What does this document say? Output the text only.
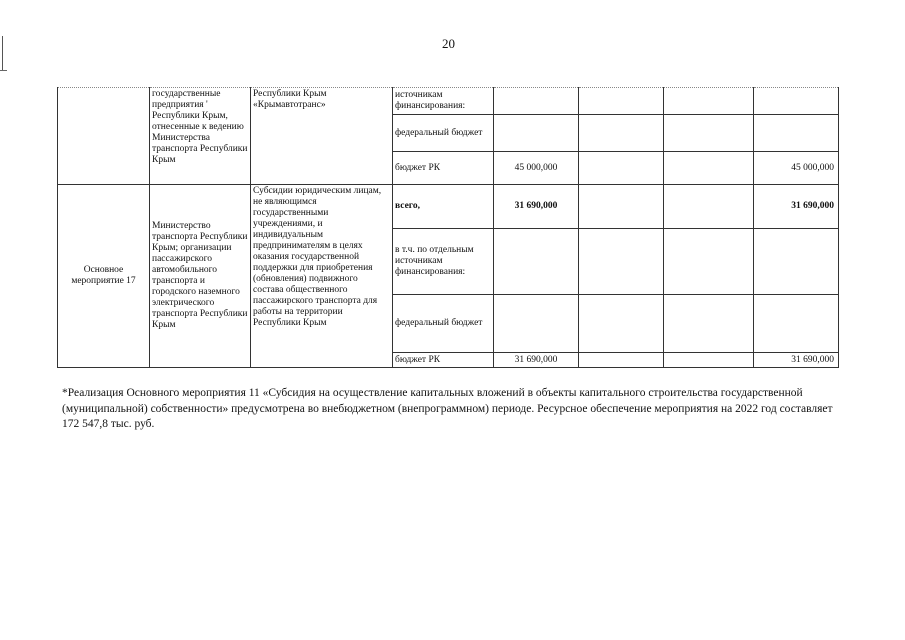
20
	государственные предприятия ' Республики Крым, отнесенные к ведению Министерства транспорта Республики Крым	Республики Крым «Крымавтотранс»	источникам финансирования:				
			федеральный бюджет				
			бюджет РК	45 000,000			45 000,000
Основное мероприятие 17	Министерство транспорта Республики Крым; организации пассажирского автомобильного транспорта и городского наземного электрического транспорта Республики Крым	Субсидии юридическим лицам, не являющимся государственными учреждениями, и индивидуальным предпринимателям в целях оказания государственной поддержки для приобретения (обновления) подвижного состава общественного пассажирского транспорта для работы на территории Республики Крым	всего,	31 690,000			31 690,000
			в т.ч. по отдельным источникам финансирования:				
			федеральный бюджет				
			бюджет РК	31 690,000			31 690,000
*Реализация Основного мероприятия 11 «Субсидия на осуществление капитальных вложений в объекты капитального строительства государственной (муниципальной) собственности» предусмотрена во внебюджетном (внепрограммном) периоде. Ресурсное обеспечение мероприятия на 2022 год составляет 172 547,8 тыс. руб.
